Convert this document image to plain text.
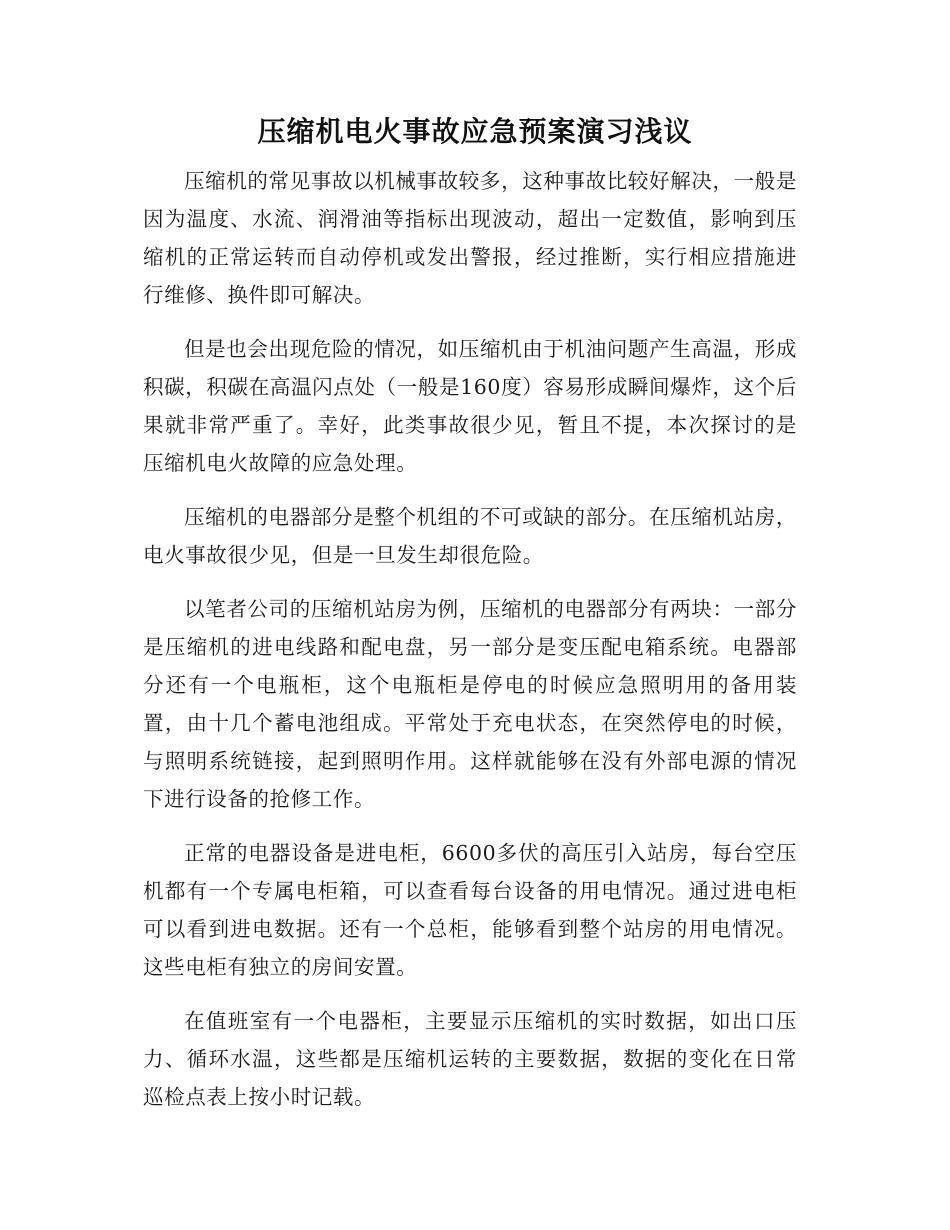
压缩机电火事故应急预案演习浅议

压缩机的常见事故以机械事故较多，这种事故比较好解决，一般是因为温度、水流、润滑油等指标出现波动，超出一定数值，影响到压缩机的正常运转而自动停机或发出警报，经过推断，实行相应措施进行维修、换件即可解决。

但是也会出现危险的情况，如压缩机由于机油问题产生高温，形成积碳，积碳在高温闪点处（一般是160度）容易形成瞬间爆炸，这个后果就非常严重了。幸好，此类事故很少见，暂且不提，本次探讨的是压缩机电火故障的应急处理。

压缩机的电器部分是整个机组的不可或缺的部分。在压缩机站房，电火事故很少见，但是一旦发生却很危险。

以笔者公司的压缩机站房为例，压缩机的电器部分有两块：一部分是压缩机的进电线路和配电盘，另一部分是变压配电箱系统。电器部分还有一个电瓶柜，这个电瓶柜是停电的时候应急照明用的备用装置，由十几个蓄电池组成。平常处于充电状态，在突然停电的时候，与照明系统链接，起到照明作用。这样就能够在没有外部电源的情况下进行设备的抢修工作。

正常的电器设备是进电柜，6600多伏的高压引入站房，每台空压机都有一个专属电柜箱，可以查看每台设备的用电情况。通过进电柜可以看到进电数据。还有一个总柜，能够看到整个站房的用电情况。这些电柜有独立的房间安置。

在值班室有一个电器柜，主要显示压缩机的实时数据，如出口压力、循环水温，这些都是压缩机运转的主要数据，数据的变化在日常巡检点表上按小时记载。
